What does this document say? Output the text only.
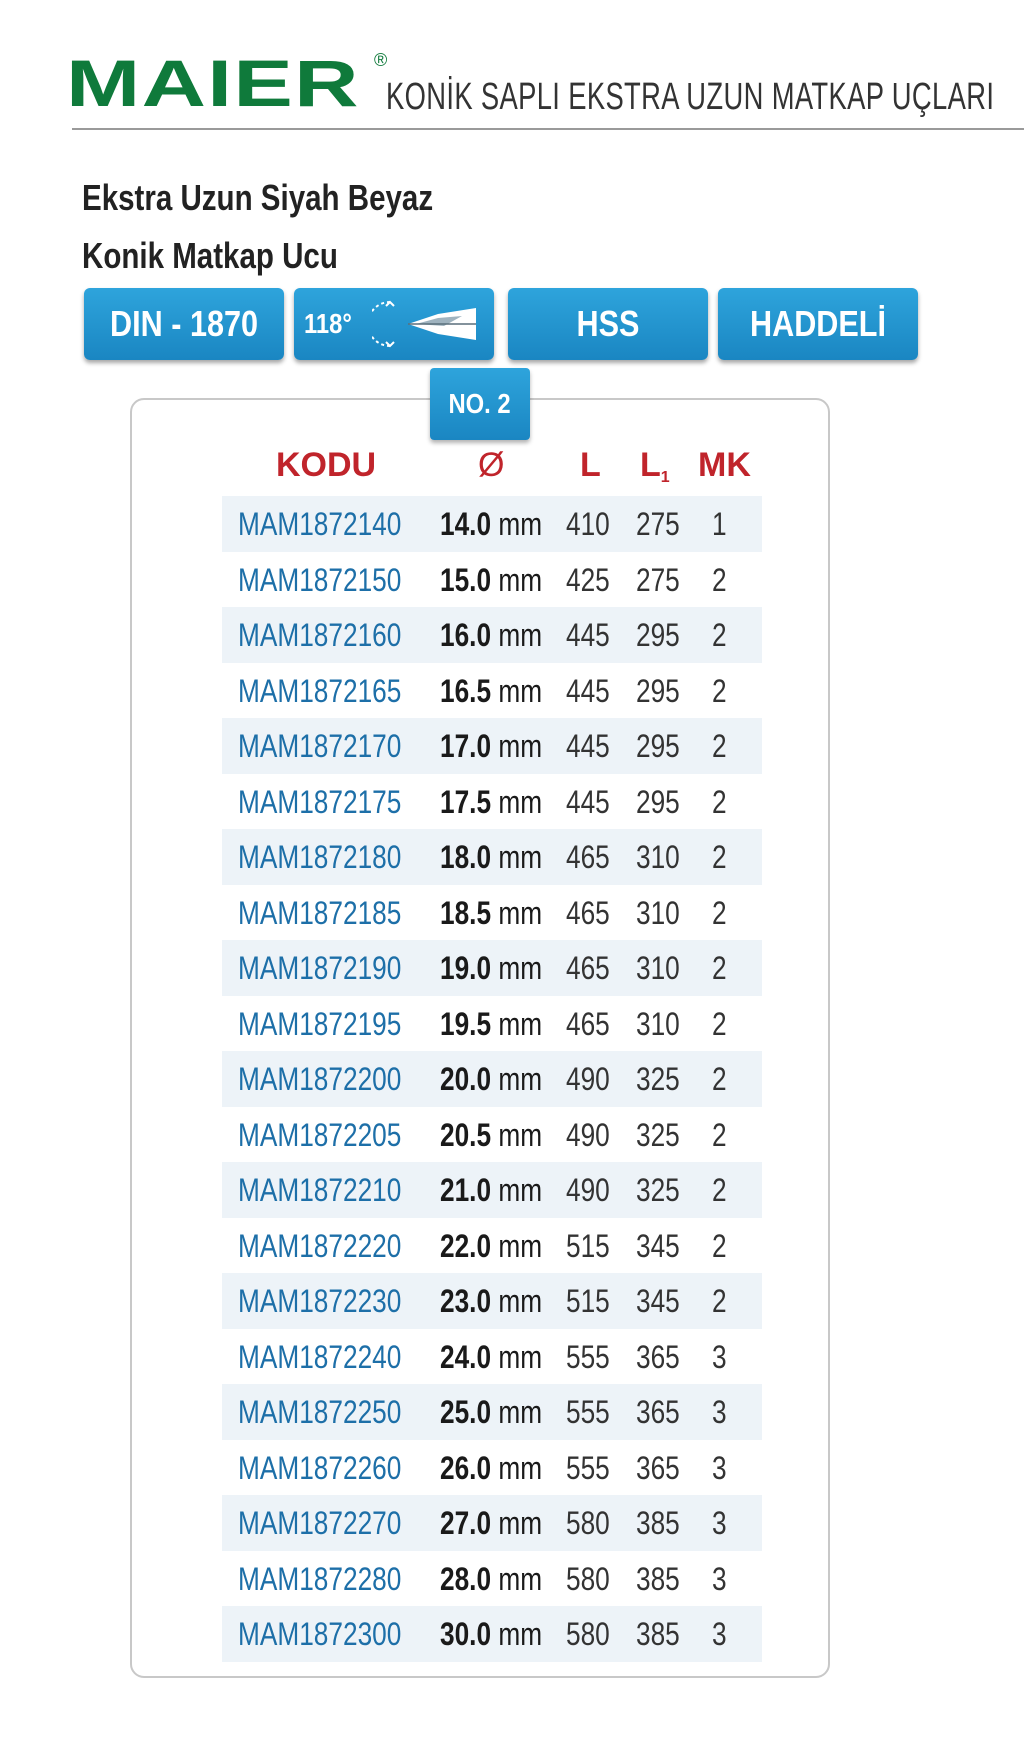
MAIER ®
KONİK SAPLI EKSTRA UZUN MATKAP UÇLARI
Ekstra Uzun Siyah Beyaz
Konik Matkap Ucu
DIN - 1870 118°	HSS	HADDELİ
NO. 2
KODU	Ø L $L_1$ MK
MAM1872140 14.0 mm 410 275 1
MAM1872150 15.0 mm 425 275 2
MAM1872160 16.0 mm 445 295 2
MAM1872165 16.5 mm 445 295 2
MAM1872170 17.0 mm 445 295 2
MAM1872175 17.5 mm 445 295 2
MAM1872180 18.0 mm 465 310 2
MAM1872185 18.5 mm 465 310 2
MAM1872190 19.0 mm 465 310 2
MAM1872195 19.5 mm 465 310 2
MAM1872200 20.0 mm 490 325 2
MAM1872205 20.5 mm 490 325 2
MAM1872210 21.0 mm 490 325 2
MAM1872220 22.0 mm 515 345 2
MAM1872230 23.0 mm 515 345 2
MAM1872240 24.0 mm 555 365 3
MAM1872250 25.0 mm 555 365 3
MAM1872260 26.0 mm 555 365 3
MAM1872270 27.0 mm 580 385 3
MAM1872280 28.0 mm 580 385 3
MAM1872300 30.0 mm 580 385 3
